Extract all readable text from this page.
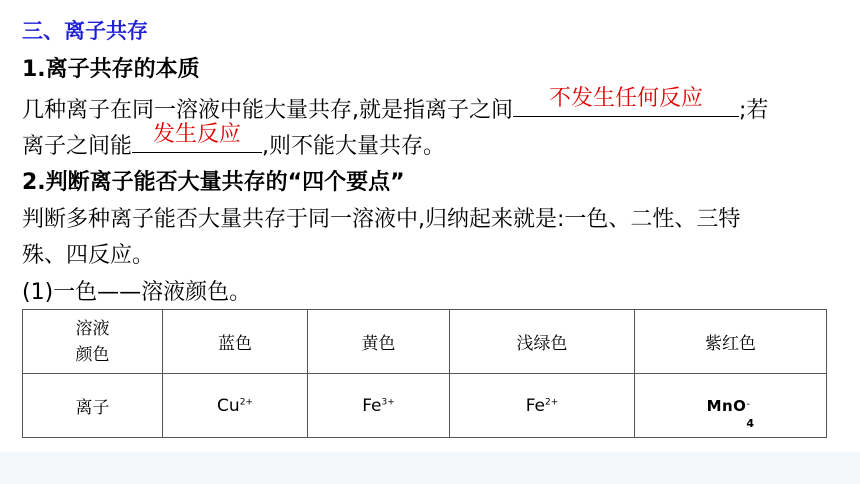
三、离子共存
1.离子共存的本质
几种离子在同一溶液中能大量共存,就是指离子之间	不发生任何反应	;若
离子之间能 发生反应 ,则不能大量共存。
2.判断离子能否大量共存的“四个要点”
判断多种离子能否大量共存于同一溶液中,归纳起来就是:一色、二性、三特
殊、四反应。
(1)一色——溶液颜色。
溶液
颜色	蓝色	黄色	浅绿色	紫红色
离子	$Cu^{2+}$	$Fe^{3+}$	$Fe^{2+}$	MnO -
4
